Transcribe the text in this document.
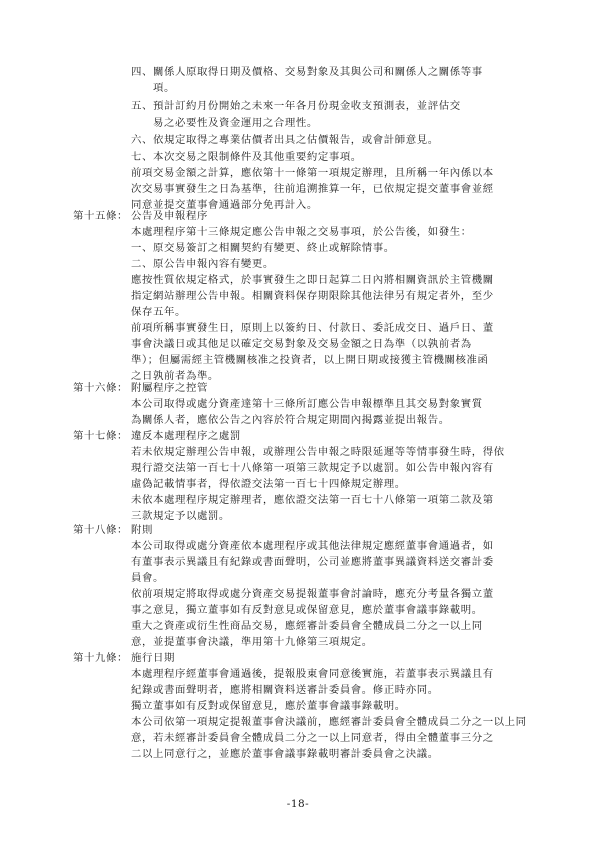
四、關係人原取得日期及價格、交易對象及其與公司和關係人之關係等事

項。

五、預計訂約月份開始之未來一年各月份現金收支預測表，並評估交

易之必要性及資金運用之合理性。

六、依規定取得之專業估價者出具之估價報告，或會計師意見。

七、本次交易之限制條件及其他重要約定事項。

前項交易金額之計算，應依第十一條第一項規定辦理，且所稱一年內係以本

次交易事實發生之日為基準，往前追溯推算一年，已依規定提交董事會並經

同意並提交董事會通過部分免再計入。

第十五條： 公告及申報程序

本處理程序第十三條規定應公告申報之交易事項，於公告後，如發生：

一、原交易簽訂之相關契約有變更、終止或解除情事。

二、原公告申報內容有變更。

應按性質依規定格式，於事實發生之即日起算二日內將相關資訊於主管機關

指定網站辦理公告申報。相關資料保存期限除其他法律另有規定者外，至少

保存五年。

前項所稱事實發生日，原則上以簽約日、付款日、委託成交日、過戶日、董

事會決議日或其他足以確定交易對象及交易金額之日為準（以孰前者為

準）；但屬需經主管機關核准之投資者，以上開日期或接獲主管機關核准函

之日孰前者為準。

第十六條： 附屬程序之控管

本公司取得或處分資產達第十三條所訂應公告申報標準且其交易對象實質

為關係人者，應依公告之內容於符合規定期間內揭露並提出報告。

第十七條： 違反本處理程序之處罰

若未依規定辦理公告申報，或辦理公告申報之時限延遲等等情事發生時，得依

現行證交法第一百七十八條第一項第三款規定予以處罰。如公告申報內容有

虛偽記載情事者，得依證交法第一百七十四條規定辦理。

未依本處理程序規定辦理者，應依證交法第一百七十八條第一項第二款及第

三款規定予以處罰。

第十八條： 附則

本公司取得或處分資產依本處理程序或其他法律規定應經董事會通過者，如

有董事表示異議且有紀錄或書面聲明，公司並應將董事異議資料送交審計委

員會。

依前項規定將取得或處分資產交易提報董事會討論時，應充分考量各獨立董

事之意見，獨立董事如有反對意見或保留意見，應於董事會議事錄載明。

重大之資產或衍生性商品交易，應經審計委員會全體成員二分之一以上同

意，並提董事會決議，準用第十九條第三項規定。

第十九條： 施行日期

本處理程序經董事會通過後，提報股東會同意後實施，若董事表示異議且有

紀錄或書面聲明者，應將相關資料送審計委員會。修正時亦同。

獨立董事如有反對或保留意見，應於董事會議事錄載明。

本公司依第一項規定提報董事會決議前，應經審計委員會全體成員二分之一以上同

意，若未經審計委員會全體成員二分之一以上同意者，得由全體董事三分之

二以上同意行之，並應於董事會議事錄載明審計委員會之決議。

-18-
